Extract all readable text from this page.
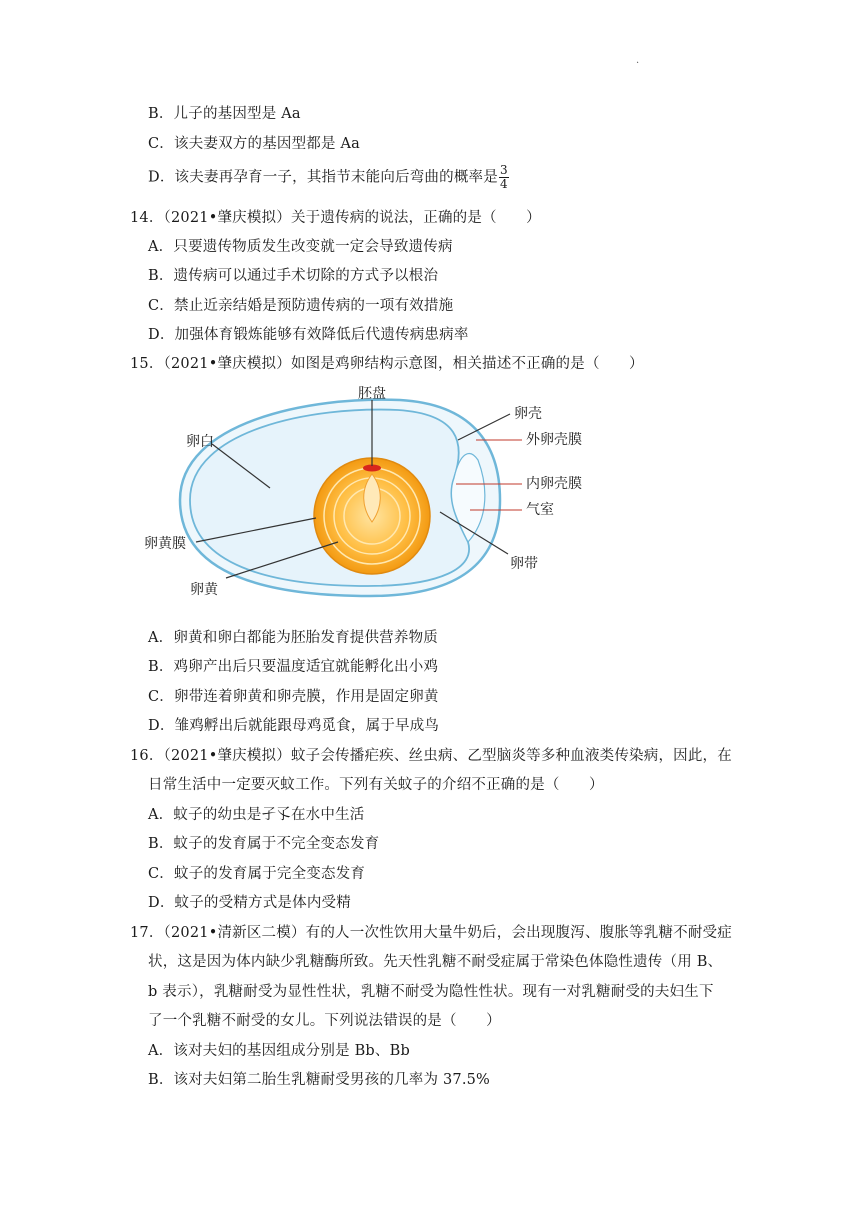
·
B．儿子的基因型是 Aa
C．该夫妻双方的基因型都是 Aa
D．该夫妻再孕育一子，其指节末能向后弯曲的概率是 $\frac{3}{4}$
14．（2021•肇庆模拟）关于遗传病的说法，正确的是（　　）
A．只要遗传物质发生改变就一定会导致遗传病
B．遗传病可以通过手术切除的方式予以根治
C．禁止近亲结婚是预防遗传病的一项有效措施
D．加强体育锻炼能够有效降低后代遗传病患病率
15．（2021•肇庆模拟）如图是鸡卵结构示意图，相关描述不正确的是（　　）
胚盘
卵壳
卵白	外卵壳膜
内卵壳膜
气室
卵黄膜
卵带
卵黄
A．卵黄和卵白都能为胚胎发育提供营养物质
B．鸡卵产出后只要温度适宜就能孵化出小鸡
C．卵带连着卵黄和卵壳膜，作用是固定卵黄
D．雏鸡孵出后就能跟母鸡觅食，属于早成鸟
16．（2021•肇庆模拟）蚊子会传播疟疾、丝虫病、乙型脑炎等多种血液类传染病，因此，在
日常生活中一定要灭蚊工作。下列有关蚊子的介绍不正确的是（　　）
A．蚊子的幼虫是孑孓在水中生活
B．蚊子的发育属于不完全变态发育
C．蚊子的发育属于完全变态发育
D．蚊子的受精方式是体内受精
17．（2021•清新区二模）有的人一次性饮用大量牛奶后，会出现腹泻、腹胀等乳糖不耐受症
状，这是因为体内缺少乳糖酶所致。先天性乳糖不耐受症属于常染色体隐性遗传（用 B、
b 表示），乳糖耐受为显性性状，乳糖不耐受为隐性性状。现有一对乳糖耐受的夫妇生下
了一个乳糖不耐受的女儿。下列说法错误的是（　　）
A．该对夫妇的基因组成分别是 Bb、Bb
B．该对夫妇第二胎生乳糖耐受男孩的几率为 37.5%
